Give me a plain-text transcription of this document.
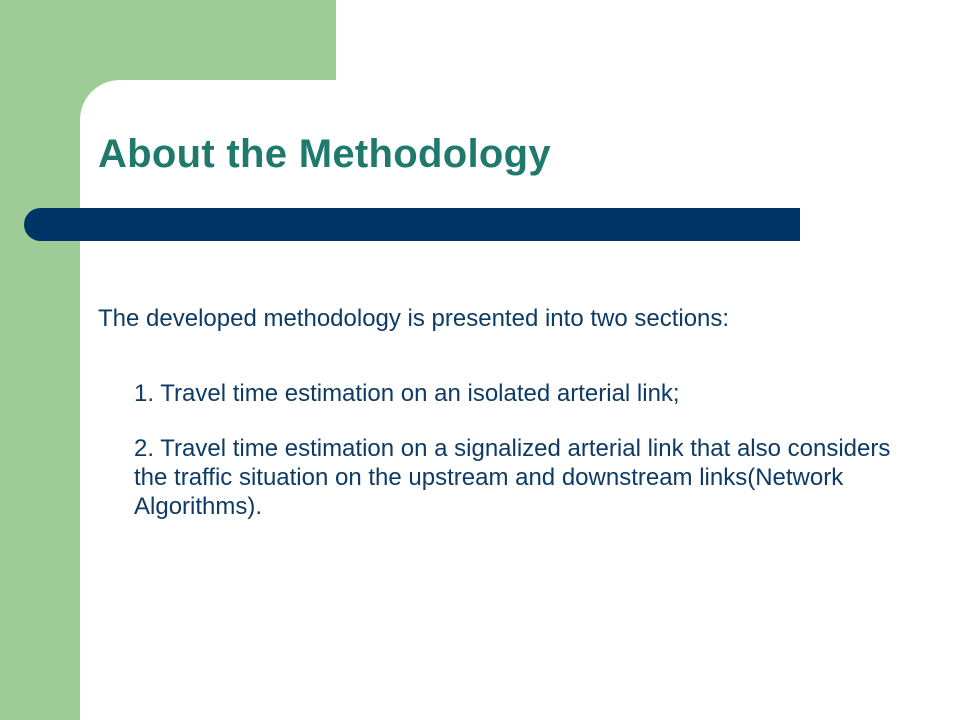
About the Methodology

The developed methodology is presented into two sections:

1. Travel time estimation on an isolated arterial link;

2. Travel time estimation on a signalized arterial link that also considers the traffic situation on the upstream and downstream links(Network Algorithms).
